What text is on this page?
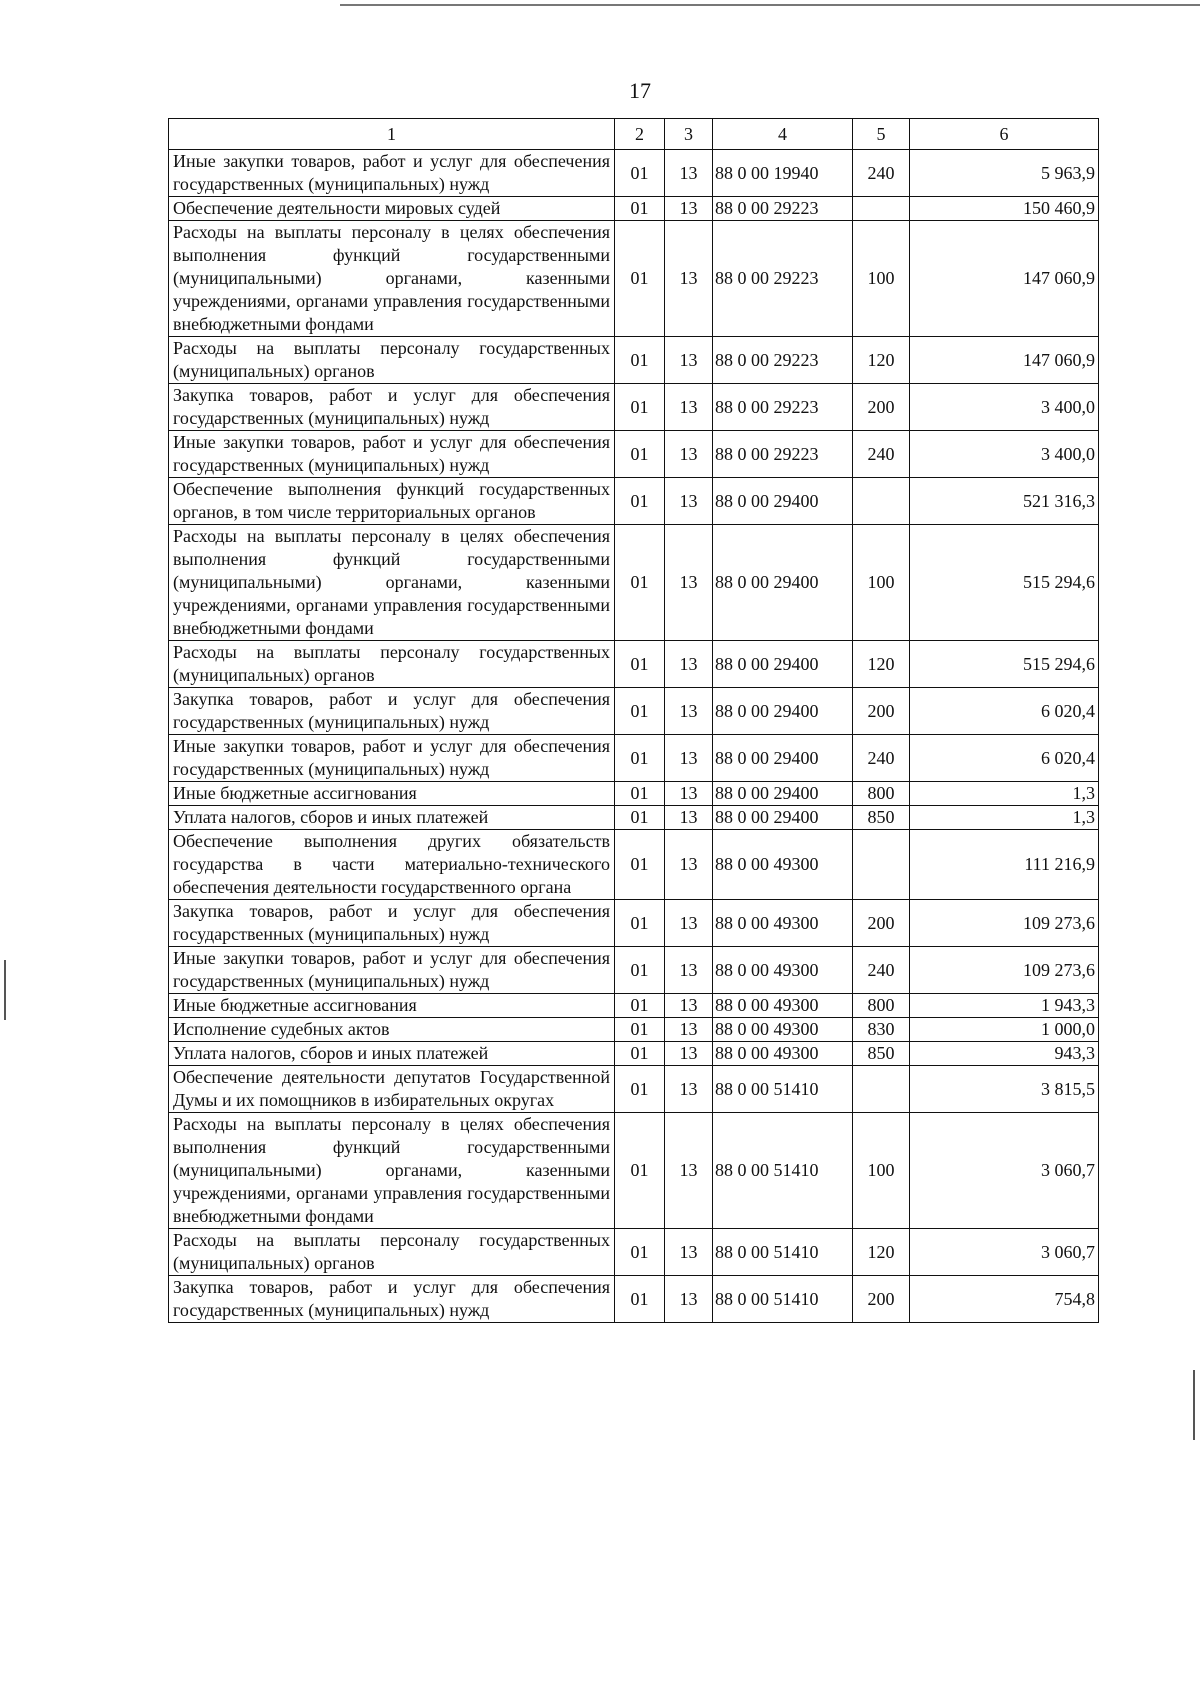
17
1	2	3	4	5	6
Иные закупки товаров, работ и услуг для обеспечения государственных (муниципальных) нужд	01	13	88 0 00 19940	240	5 963,9
Обеспечение деятельности мировых судей	01	13	88 0 00 29223		150 460,9
Расходы на выплаты персоналу в целях обеспечения выполнения функций государственными (муниципальными) органами, казенными учреждениями, органами управления государственными внебюджетными фондами	01	13	88 0 00 29223	100	147 060,9
Расходы на выплаты персоналу государственных (муниципальных) органов	01	13	88 0 00 29223	120	147 060,9
Закупка товаров, работ и услуг для обеспечения государственных (муниципальных) нужд	01	13	88 0 00 29223	200	3 400,0
Иные закупки товаров, работ и услуг для обеспечения государственных (муниципальных) нужд	01	13	88 0 00 29223	240	3 400,0
Обеспечение выполнения функций государственных органов, в том числе территориальных органов	01	13	88 0 00 29400		521 316,3
Расходы на выплаты персоналу в целях обеспечения выполнения функций государственными (муниципальными) органами, казенными учреждениями, органами управления государственными внебюджетными фондами	01	13	88 0 00 29400	100	515 294,6
Расходы на выплаты персоналу государственных (муниципальных) органов	01	13	88 0 00 29400	120	515 294,6
Закупка товаров, работ и услуг для обеспечения государственных (муниципальных) нужд	01	13	88 0 00 29400	200	6 020,4
Иные закупки товаров, работ и услуг для обеспечения государственных (муниципальных) нужд	01	13	88 0 00 29400	240	6 020,4
Иные бюджетные ассигнования	01	13	88 0 00 29400	800	1,3
Уплата налогов, сборов и иных платежей	01	13	88 0 00 29400	850	1,3
Обеспечение выполнения других обязательств государства в части материально-технического обеспечения деятельности государственного органа	01	13	88 0 00 49300		111 216,9
Закупка товаров, работ и услуг для обеспечения государственных (муниципальных) нужд	01	13	88 0 00 49300	200	109 273,6
Иные закупки товаров, работ и услуг для обеспечения государственных (муниципальных) нужд	01	13	88 0 00 49300	240	109 273,6
Иные бюджетные ассигнования	01	13	88 0 00 49300	800	1 943,3
Исполнение судебных актов	01	13	88 0 00 49300	830	1 000,0
Уплата налогов, сборов и иных платежей	01	13	88 0 00 49300	850	943,3
Обеспечение деятельности депутатов Государственной Думы и их помощников в избирательных округах	01	13	88 0 00 51410		3 815,5
Расходы на выплаты персоналу в целях обеспечения выполнения функций государственными (муниципальными) органами, казенными учреждениями, органами управления государственными внебюджетными фондами	01	13	88 0 00 51410	100	3 060,7
Расходы на выплаты персоналу государственных (муниципальных) органов	01	13	88 0 00 51410	120	3 060,7
Закупка товаров, работ и услуг для обеспечения государственных (муниципальных) нужд	01	13	88 0 00 51410	200	754,8
